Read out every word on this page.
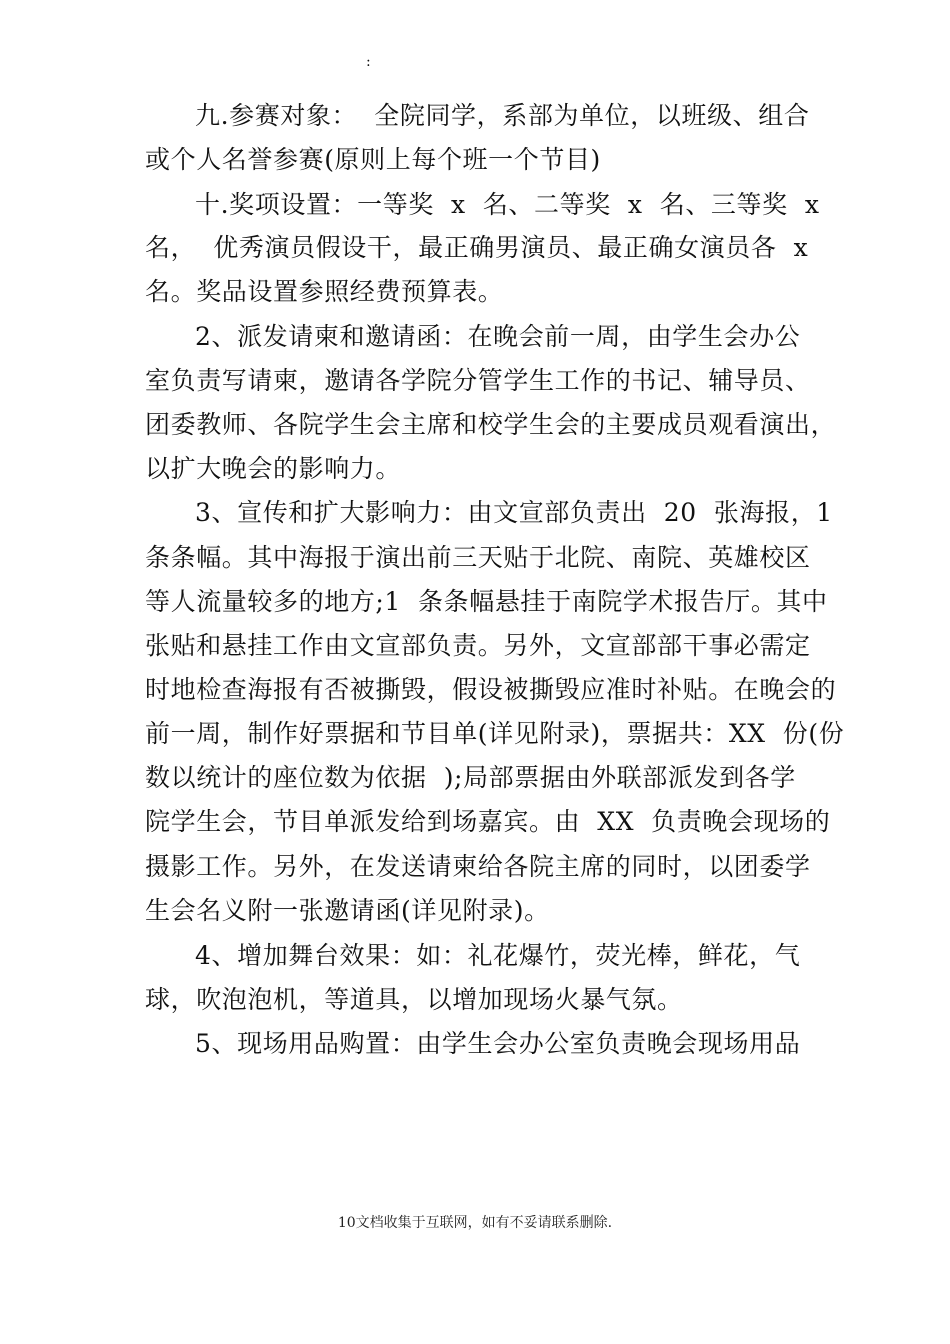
:
九.参赛对象：  全院同学，系部为单位，以班级、组合
或个人名誉参赛(原则上每个班一个节目)
十.奖项设置：一等奖  x  名、二等奖  x  名、三等奖  x
名，  优秀演员假设干，最正确男演员、最正确女演员各  x
名。奖品设置参照经费预算表。
2、派发请柬和邀请函：在晚会前一周，由学生会办公
室负责写请柬，邀请各学院分管学生工作的书记、辅导员、
团委教师、各院学生会主席和校学生会的主要成员观看演出，
以扩大晚会的影响力。
3、宣传和扩大影响力：由文宣部负责出  20  张海报，1
条条幅。其中海报于演出前三天贴于北院、南院、英雄校区
等人流量较多的地方;1  条条幅悬挂于南院学术报告厅。其中
张贴和悬挂工作由文宣部负责。另外，文宣部部干事必需定
时地检查海报有否被撕毁，假设被撕毁应准时补贴。在晚会的
前一周，制作好票据和节目单(详见附录)，票据共：XX  份(份
数以统计的座位数为依据  );局部票据由外联部派发到各学
院学生会，节目单派发给到场嘉宾。由  XX  负责晚会现场的
摄影工作。另外，在发送请柬给各院主席的同时，以团委学
生会名义附一张邀请函(详见附录)。
4、增加舞台效果：如：礼花爆竹，荧光棒，鲜花，气
球，吹泡泡机，等道具，以增加现场火暴气氛。
5、现场用品购置：由学生会办公室负责晚会现场用品
10文档收集于互联网，如有不妥请联系删除.
